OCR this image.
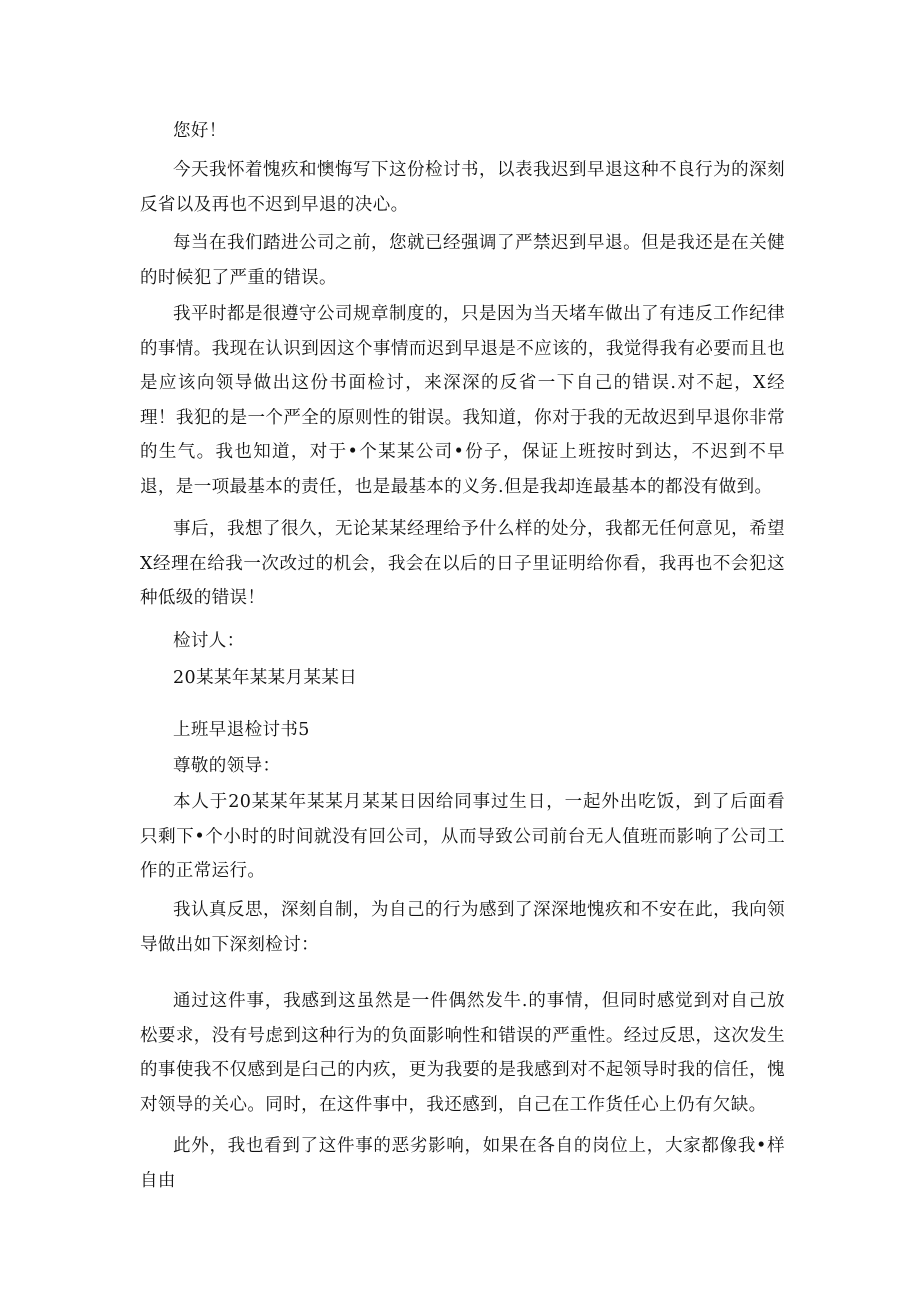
您好！

今天我怀着愧疚和懊悔写下这份检讨书，以表我迟到早退这种不良行为的深刻反省以及再也不迟到早退的决心。

每当在我们踏进公司之前，您就已经强调了严禁迟到早退。但是我还是在关健的时候犯了严重的错误。

我平时都是很遵守公司规章制度的，只是因为当天堵车做出了有违反工作纪律的事情。我现在认识到因这个事情而迟到早退是不应该的，我觉得我有必要而且也是应该向领导做出这份书面检讨，来深深的反省一下自己的错误.对不起，X经理！我犯的是一个严全的原则性的钳误。我知道，你对于我的无故迟到早退你非常的生气。我也知道，对于•个某某公司•份子，保证上班按时到达，不迟到不早退，是一项最基本的责任，也是最基本的义务.但是我却连最基本的都没有做到。

事后，我想了很久，无论某某经理给予什么样的处分，我都无任何意见，希望X经理在给我一次改过的机会，我会在以后的日子里证明给你看，我再也不会犯这种低级的错误！

检讨人：

20某某年某某月某某日

上班早退检讨书5

尊敬的领导：

本人于20某某年某某月某某日因给同事过生日，一起外出吃饭，到了后面看只剩下•个小时的时间就没有回公司，从而导致公司前台无人值班而影响了公司工作的正常运行。

我认真反思，深刻自制，为自己的行为感到了深深地愧疚和不安在此，我向领导做出如下深刻检讨：

通过这件事，我感到这虽然是一件偶然发牛.的事情，但同时感觉到对自己放松要求，没有号虑到这种行为的负面影响性和错误的严重性。经过反思，这次发生的事使我不仅感到是臼己的内疚，更为我要的是我感到对不起领导时我的信任，愧对领导的关心。同时，在这件事中，我还感到，自己在工作货任心上仍有欠缺。

此外，我也看到了这件事的恶劣影响，如果在各自的岗位上，大家都像我•样自由
